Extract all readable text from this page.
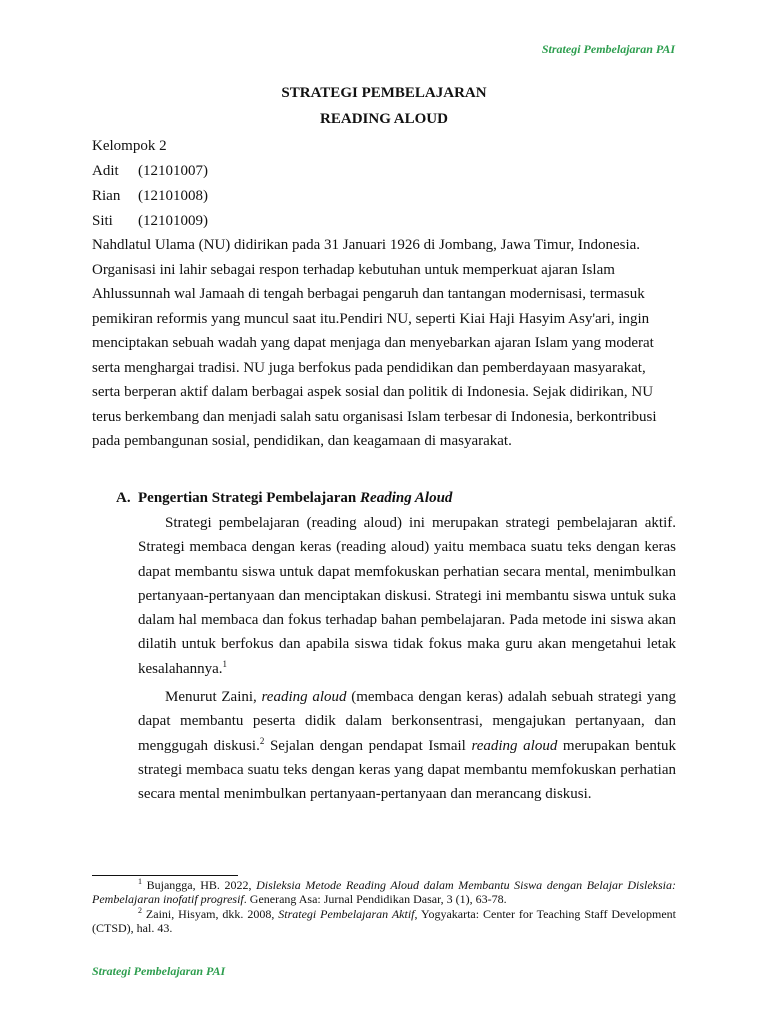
Strategi Pembelajaran PAI
STRATEGI PEMBELAJARAN
READING ALOUD
Kelompok 2
Adit (12101007)
Rian (12101008)
Siti (12101009)
Nahdlatul Ulama (NU) didirikan pada 31 Januari 1926 di Jombang, Jawa Timur, Indonesia.
Organisasi ini lahir sebagai respon terhadap kebutuhan untuk memperkuat ajaran Islam
Ahlussunnah wal Jamaah di tengah berbagai pengaruh dan tantangan modernisasi, termasuk
pemikiran reformis yang muncul saat itu.Pendiri NU, seperti Kiai Haji Hasyim Asy'ari, ingin
menciptakan sebuah wadah yang dapat menjaga dan menyebarkan ajaran Islam yang moderat
serta menghargai tradisi. NU juga berfokus pada pendidikan dan pemberdayaan masyarakat,
serta berperan aktif dalam berbagai aspek sosial dan politik di Indonesia. Sejak didirikan, NU
terus berkembang dan menjadi salah satu organisasi Islam terbesar di Indonesia, berkontribusi
pada pembangunan sosial, pendidikan, dan keagamaan di masyarakat.
A. Pengertian Strategi Pembelajaran Reading Aloud
Strategi pembelajaran (reading aloud) ini merupakan strategi pembelajaran aktif. Strategi membaca dengan keras (reading aloud) yaitu membaca suatu teks dengan keras dapat membantu siswa untuk dapat memfokuskan perhatian secara mental, menimbulkan pertanyaan-pertanyaan dan menciptakan diskusi. Strategi ini membantu siswa untuk suka dalam hal membaca dan fokus terhadap bahan pembelajaran. Pada metode ini siswa akan dilatih untuk berfokus dan apabila siswa tidak fokus maka guru akan mengetahui letak kesalahannya.$^1$
Menurut Zaini, reading aloud (membaca dengan keras) adalah sebuah strategi yang dapat membantu peserta didik dalam berkonsentrasi, mengajukan pertanyaan, dan menggugah diskusi.$^2$ Sejalan dengan pendapat Ismail reading aloud merupakan bentuk strategi membaca suatu teks dengan keras yang dapat membantu memfokuskan perhatian secara mental menimbulkan pertanyaan-pertanyaan dan merancang diskusi.

$^1$ Bujangga, HB. 2022, Disleksia Metode Reading Aloud dalam Membantu Siswa dengan Belajar Disleksia: Pembelajaran inofatif progresif. Generang Asa: Jurnal Pendidikan Dasar, 3 (1), 63-78.

$^2$ Zaini, Hisyam, dkk. 2008, Strategi Pembelajaran Aktif, Yogyakarta: Center for Teaching Staff Development (CTSD), hal. 43.

Strategi Pembelajaran PAI
